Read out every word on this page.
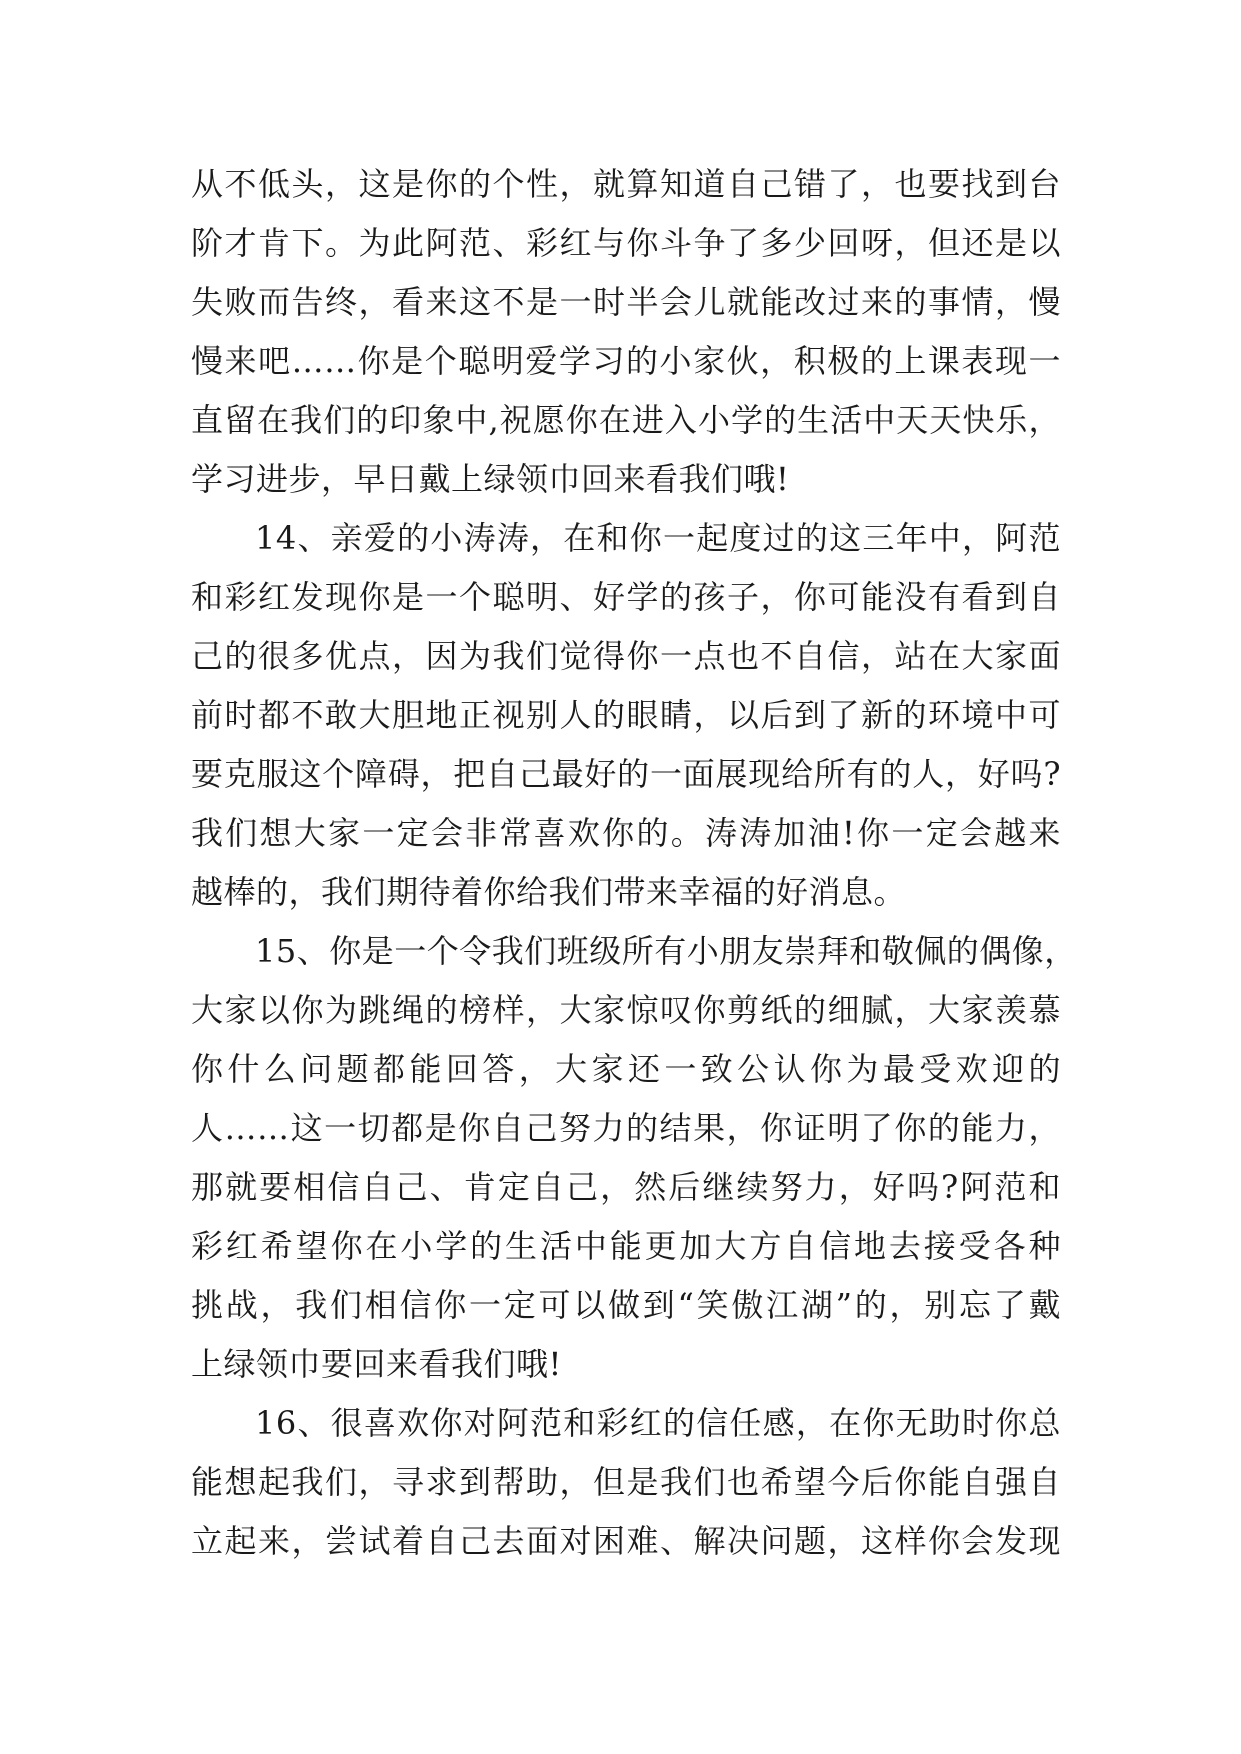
从不低头，这是你的个性，就算知道自己错了，也要找到台
阶才肯下。为此阿范、彩红与你斗争了多少回呀，但还是以
失败而告终，看来这不是一时半会儿就能改过来的事情，慢
慢来吧……你是个聪明爱学习的小家伙，积极的上课表现一
直留在我们的印象中,祝愿你在进入小学的生活中天天快乐，
学习进步，早日戴上绿领巾回来看我们哦!
14、亲爱的小涛涛，在和你一起度过的这三年中，阿范
和彩红发现你是一个聪明、好学的孩子，你可能没有看到自
己的很多优点，因为我们觉得你一点也不自信，站在大家面
前时都不敢大胆地正视别人的眼睛，以后到了新的环境中可
要克服这个障碍，把自己最好的一面展现给所有的人，好吗?
我们想大家一定会非常喜欢你的。涛涛加油!你一定会越来
越棒的，我们期待着你给我们带来幸福的好消息。
15、你是一个令我们班级所有小朋友崇拜和敬佩的偶像，
大家以你为跳绳的榜样，大家惊叹你剪纸的细腻，大家羡慕
你什么问题都能回答，大家还一致公认你为最受欢迎的
人……这一切都是你自己努力的结果，你证明了你的能力，
那就要相信自己、肯定自己，然后继续努力，好吗?阿范和
彩红希望你在小学的生活中能更加大方自信地去接受各种
挑战，我们相信你一定可以做到“笑傲江湖”的，别忘了戴
上绿领巾要回来看我们哦!
16、很喜欢你对阿范和彩红的信任感，在你无助时你总
能想起我们，寻求到帮助，但是我们也希望今后你能自强自
立起来，尝试着自己去面对困难、解决问题，这样你会发现
